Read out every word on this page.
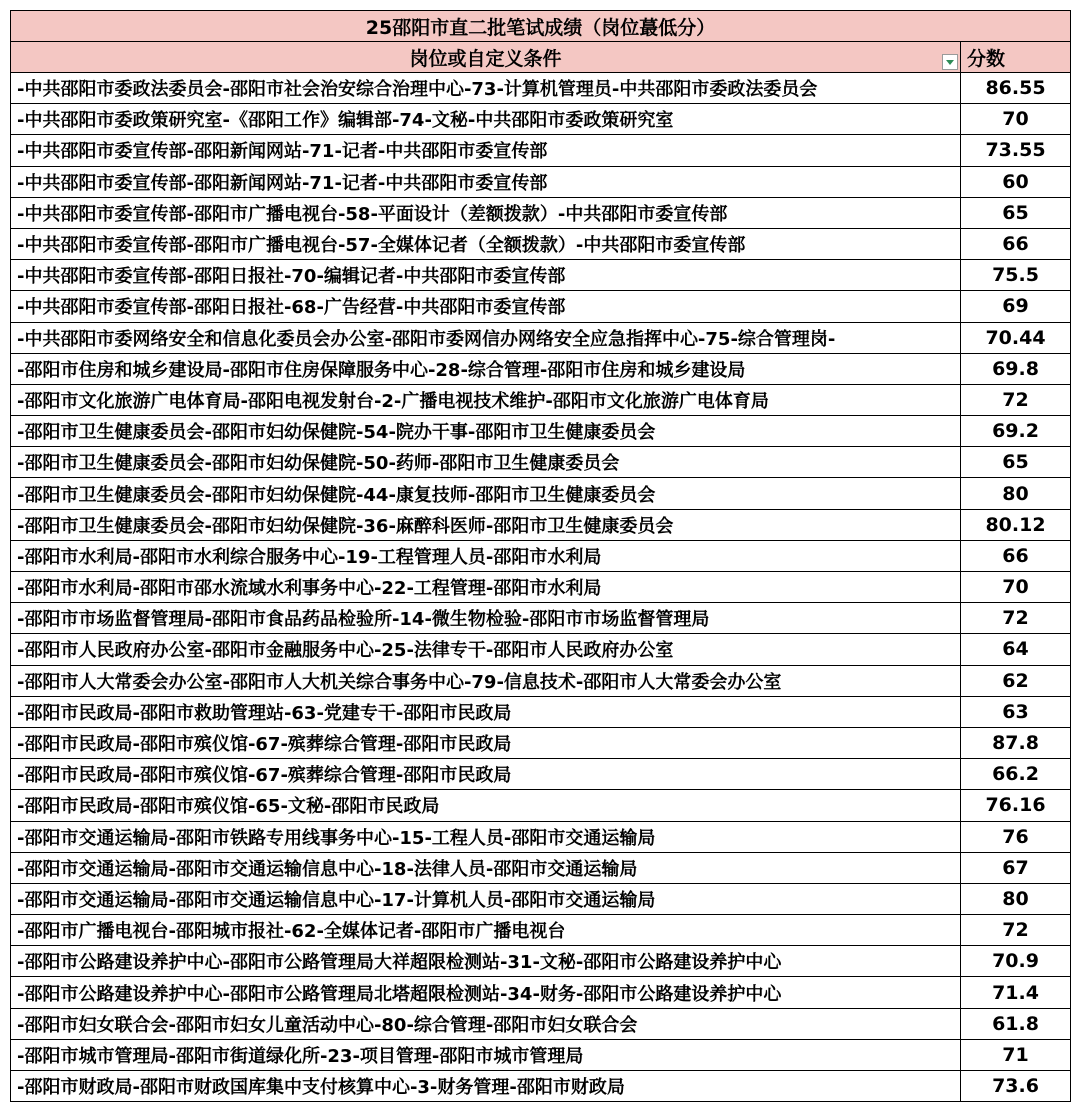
25邵阳市直二批笔试成绩（岗位蕞低分）	
岗位或自定义条件	分数
-中共邵阳市委政法委员会-邵阳市社会治安综合治理中心-73-计算机管理员-中共邵阳市委政法委员会	86.55
-中共邵阳市委政策研究室-《邵阳工作》编辑部-74-文秘-中共邵阳市委政策研究室	70
-中共邵阳市委宣传部-邵阳新闻网站-71-记者-中共邵阳市委宣传部	73.55
-中共邵阳市委宣传部-邵阳新闻网站-71-记者-中共邵阳市委宣传部	60
-中共邵阳市委宣传部-邵阳市广播电视台-58-平面设计（差额拨款）-中共邵阳市委宣传部	65
-中共邵阳市委宣传部-邵阳市广播电视台-57-全媒体记者（全额拨款）-中共邵阳市委宣传部	66
-中共邵阳市委宣传部-邵阳日报社-70-编辑记者-中共邵阳市委宣传部	75.5
-中共邵阳市委宣传部-邵阳日报社-68-广告经营-中共邵阳市委宣传部	69
-中共邵阳市委网络安全和信息化委员会办公室-邵阳市委网信办网络安全应急指挥中心-75-综合管理岗-	70.44
-邵阳市住房和城乡建设局-邵阳市住房保障服务中心-28-综合管理-邵阳市住房和城乡建设局	69.8
-邵阳市文化旅游广电体育局-邵阳电视发射台-2-广播电视技术维护-邵阳市文化旅游广电体育局	72
-邵阳市卫生健康委员会-邵阳市妇幼保健院-54-院办干事-邵阳市卫生健康委员会	69.2
-邵阳市卫生健康委员会-邵阳市妇幼保健院-50-药师-邵阳市卫生健康委员会	65
-邵阳市卫生健康委员会-邵阳市妇幼保健院-44-康复技师-邵阳市卫生健康委员会	80
-邵阳市卫生健康委员会-邵阳市妇幼保健院-36-麻醉科医师-邵阳市卫生健康委员会	80.12
-邵阳市水利局-邵阳市水利综合服务中心-19-工程管理人员-邵阳市水利局	66
-邵阳市水利局-邵阳市邵水流域水利事务中心-22-工程管理-邵阳市水利局	70
-邵阳市市场监督管理局-邵阳市食品药品检验所-14-微生物检验-邵阳市市场监督管理局	72
-邵阳市人民政府办公室-邵阳市金融服务中心-25-法律专干-邵阳市人民政府办公室	64
-邵阳市人大常委会办公室-邵阳市人大机关综合事务中心-79-信息技术-邵阳市人大常委会办公室	62
-邵阳市民政局-邵阳市救助管理站-63-党建专干-邵阳市民政局	63
-邵阳市民政局-邵阳市殡仪馆-67-殡葬综合管理-邵阳市民政局	87.8
-邵阳市民政局-邵阳市殡仪馆-67-殡葬综合管理-邵阳市民政局	66.2
-邵阳市民政局-邵阳市殡仪馆-65-文秘-邵阳市民政局	76.16
-邵阳市交通运输局-邵阳市铁路专用线事务中心-15-工程人员-邵阳市交通运输局	76
-邵阳市交通运输局-邵阳市交通运输信息中心-18-法律人员-邵阳市交通运输局	67
-邵阳市交通运输局-邵阳市交通运输信息中心-17-计算机人员-邵阳市交通运输局	80
-邵阳市广播电视台-邵阳城市报社-62-全媒体记者-邵阳市广播电视台	72
-邵阳市公路建设养护中心-邵阳市公路管理局大祥超限检测站-31-文秘-邵阳市公路建设养护中心	70.9
-邵阳市公路建设养护中心-邵阳市公路管理局北塔超限检测站-34-财务-邵阳市公路建设养护中心	71.4
-邵阳市妇女联合会-邵阳市妇女儿童活动中心-80-综合管理-邵阳市妇女联合会	61.8
-邵阳市城市管理局-邵阳市街道绿化所-23-项目管理-邵阳市城市管理局	71
-邵阳市财政局-邵阳市财政国库集中支付核算中心-3-财务管理-邵阳市财政局	73.6
